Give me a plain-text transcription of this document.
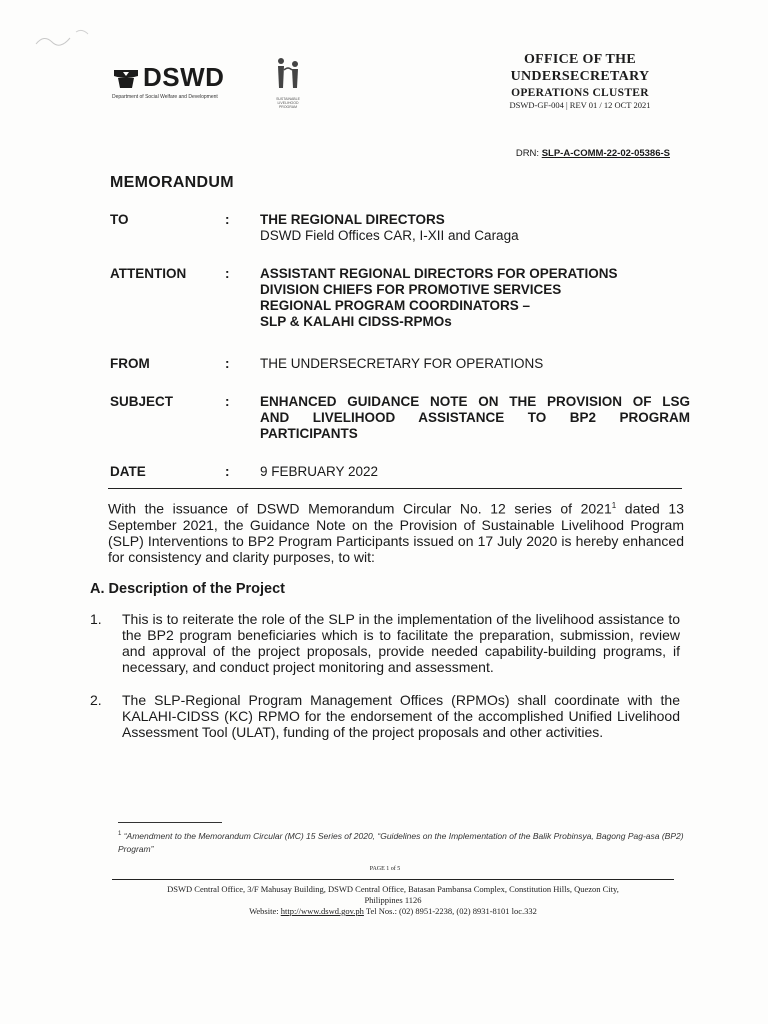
DSWD
Department of Social Welfare and Development	SUSTAINABLE LIVELIHOOD PROGRAM
OFFICE OF THE
UNDERSECRETARY
OPERATIONS CLUSTER
DSWD-GF-004 | REV 01 / 12 OCT 2021
DRN: SLP-A-COMM-22-02-05386-S
MEMORANDUM
TO	: THE REGIONAL DIRECTORS
DSWD Field Offices CAR, I-XII and Caraga
ATTENTION	: ASSISTANT REGIONAL DIRECTORS FOR OPERATIONS
DIVISION CHIEFS FOR PROMOTIVE SERVICES
REGIONAL PROGRAM COORDINATORS –
SLP & KALAHI CIDSS-RPMOs
FROM	: THE UNDERSECRETARY FOR OPERATIONS
SUBJECT	: ENHANCED GUIDANCE NOTE ON THE PROVISION OF LSG
AND LIVELIHOOD ASSISTANCE TO BP2 PROGRAM
PARTICIPANTS
DATE	: 9 FEBRUARY 2022
With the issuance of DSWD Memorandum Circular No. 12 series of 2021$^1$ dated 13 September 2021, the Guidance Note on the Provision of Sustainable Livelihood Program (SLP) Interventions to BP2 Program Participants issued on 17 July 2020 is hereby enhanced for consistency and clarity purposes, to wit:
A. Description of the Project
1. This is to reiterate the role of the SLP in the implementation of the livelihood assistance to the BP2 program beneficiaries which is to facilitate the preparation, submission, review and approval of the project proposals, provide needed capability-building programs, if necessary, and conduct project monitoring and assessment.
2. The SLP-Regional Program Management Offices (RPMOs) shall coordinate with the KALAHI-CIDSS (KC) RPMO for the endorsement of the accomplished Unified Livelihood Assessment Tool (ULAT), funding of the project proposals and other activities.
$^1$ “Amendment to the Memorandum Circular (MC) 15 Series of 2020, “Guidelines on the Implementation of the Balik Probinsya, Bagong Pag-asa (BP2) Program”
PAGE 1 of 5
DSWD Central Office, 3/F Mahusay Building, DSWD Central Office, Batasan Pambansa Complex, Constitution Hills, Quezon City,
Philippines 1126
Website: http://www.dswd.gov.ph Tel Nos.: (02) 8951-2238, (02) 8931-8101 loc.332
